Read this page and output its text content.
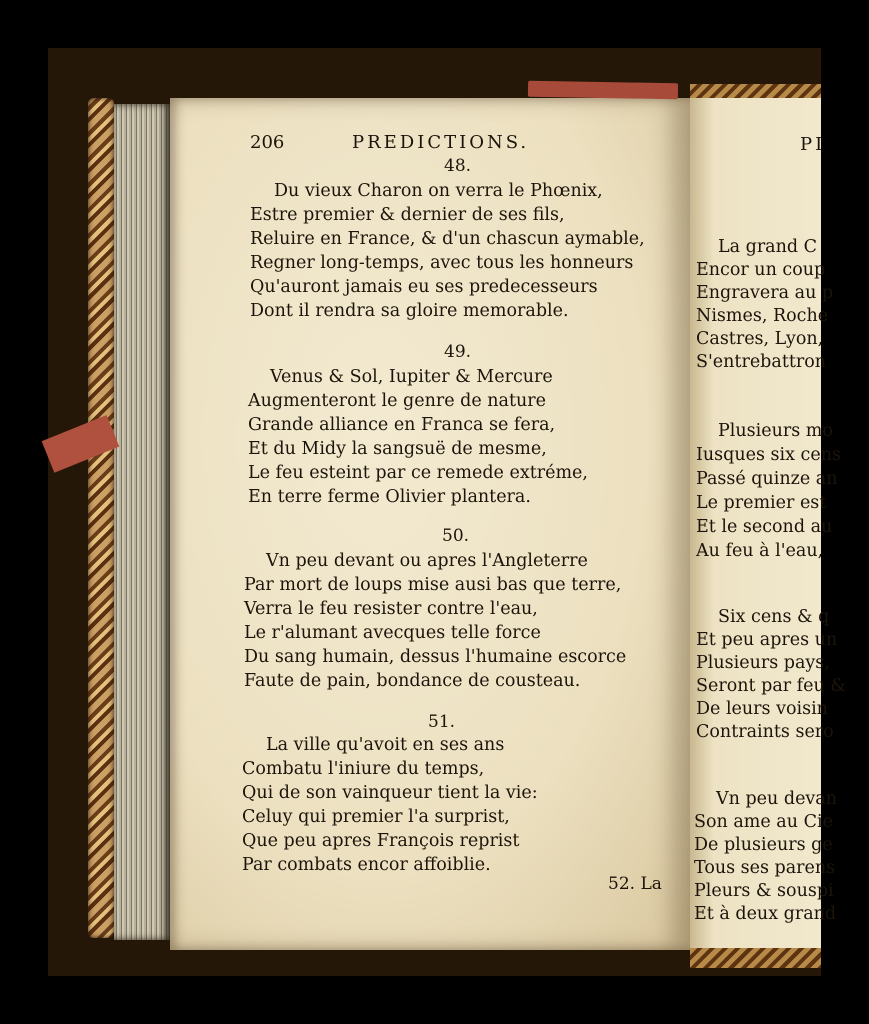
PI
La grand C
Encor un coup
Engravera au p
Nismes, Roche
Castres, Lyon,
S'entrebattron
Plusieurs mo
Iusques six cens
Passé quinze an
Le premier est
Et le second au
Au feu à l'eau,
Six cens & q
Et peu apres un
Plusieurs pays,
Seront par feu &
De leurs voisin
Contraints sero
Vn peu devan
Son ame au Cie
De plusieurs ge
Tous ses parens
Pleurs & souspi
Et à deux grand
206	PREDICTIONS.
48.
Du vieux Charon on verra le Phœnix,
Estre premier & dernier de ses fils,
Reluire en France, & d'un chascun aymable,
Regner long-temps, avec tous les honneurs
Qu'auront jamais eu ses predecesseurs
Dont il rendra sa gloire memorable.
49.
Venus & Sol, Iupiter & Mercure
Augmenteront le genre de nature
Grande alliance en Franca se fera,
Et du Midy la sangsuë de mesme,
Le feu esteint par ce remede extréme,
En terre ferme Olivier plantera.
50.
Vn peu devant ou apres l'Angleterre
Par mort de loups mise ausi bas que terre,
Verra le feu resister contre l'eau,
Le r'alumant avecques telle force
Du sang humain, dessus l'humaine escorce
Faute de pain, bondance de cousteau.
51.
La ville qu'avoit en ses ans
Combatu l'iniure du temps,
Qui de son vainqueur tient la vie:
Celuy qui premier l'a surprist,
Que peu apres François reprist
Par combats encor affoiblie.
52. La
